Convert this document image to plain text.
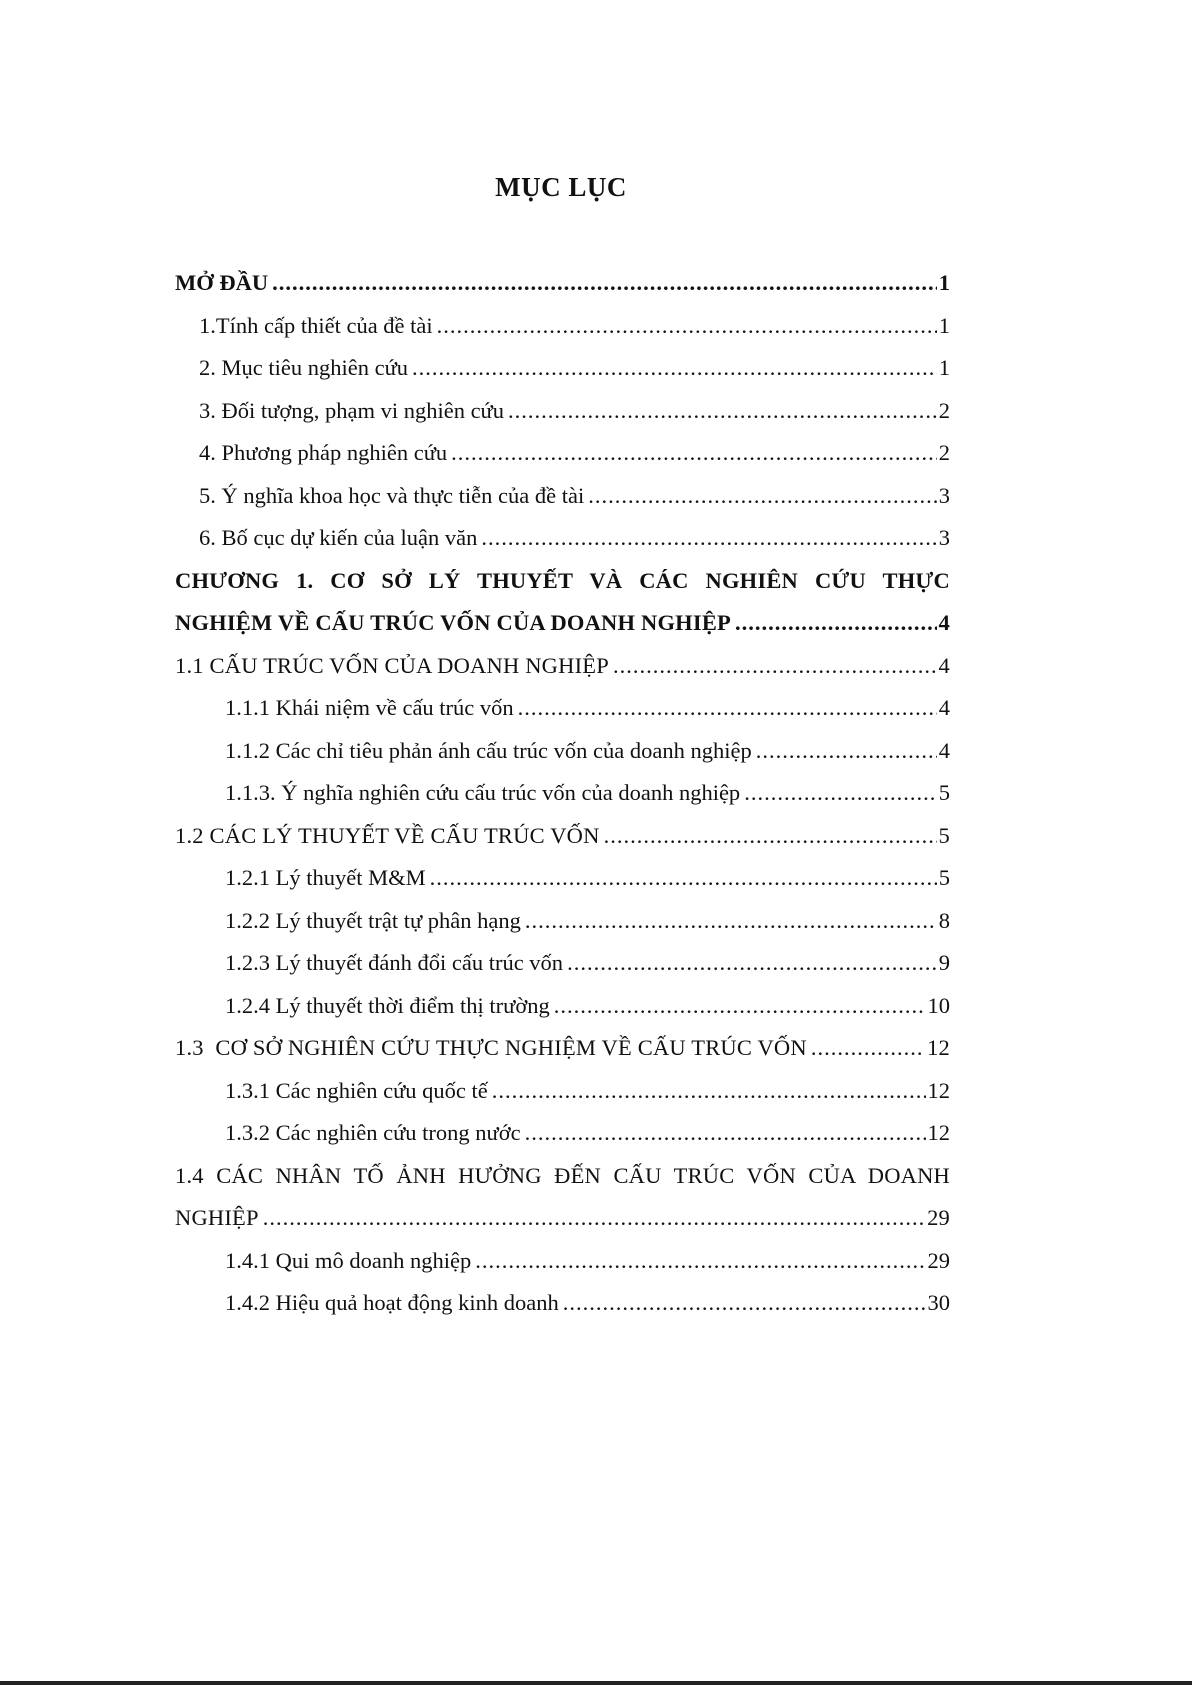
MỤC LỤC
MỞ ĐẦU .....	1
1.Tính cấp thiết của đề tài .....	1
2. Mục tiêu nghiên cứu .....	1
3. Đối tượng, phạm vi nghiên cứu .....	2
4. Phương pháp nghiên cứu .....	2
5. Ý nghĩa khoa học và thực tiễn của đề tài .....	3
6. Bố cục dự kiến của luận văn .....	3
CHƯƠNG 1. CƠ SỞ LÝ THUYẾT VÀ CÁC NGHIÊN CỨU THỰC
NGHIỆM VỀ CẤU TRÚC VỐN CỦA DOANH NGHIỆP .....	4
1.1 CẤU TRÚC VỐN CỦA DOANH NGHIỆP .....	4
1.1.1 Khái niệm về cấu trúc vốn .....	4
1.1.2 Các chỉ tiêu phản ánh cấu trúc vốn của doanh nghiệp .....	4
1.1.3. Ý nghĩa nghiên cứu cấu trúc vốn của doanh nghiệp .....	5
1.2 CÁC LÝ THUYẾT VỀ CẤU TRÚC VỐN .....	5
1.2.1 Lý thuyết M&M .....	5
1.2.2 Lý thuyết trật tự phân hạng .....	8
1.2.3 Lý thuyết đánh đổi cấu trúc vốn .....	9
1.2.4 Lý thuyết thời điểm thị trường .....	10
1.3  CƠ SỞ NGHIÊN CỨU THỰC NGHIỆM VỀ CẤU TRÚC VỐN .....	12
1.3.1 Các nghiên cứu quốc tế .....	12
1.3.2 Các nghiên cứu trong nước .....	12
1.4 CÁC NHÂN TỐ ẢNH HƯỞNG ĐẾN CẤU TRÚC VỐN CỦA DOANH
NGHIỆP .....	29
1.4.1 Qui mô doanh nghiệp .....	29
1.4.2 Hiệu quả hoạt động kinh doanh .....	30
